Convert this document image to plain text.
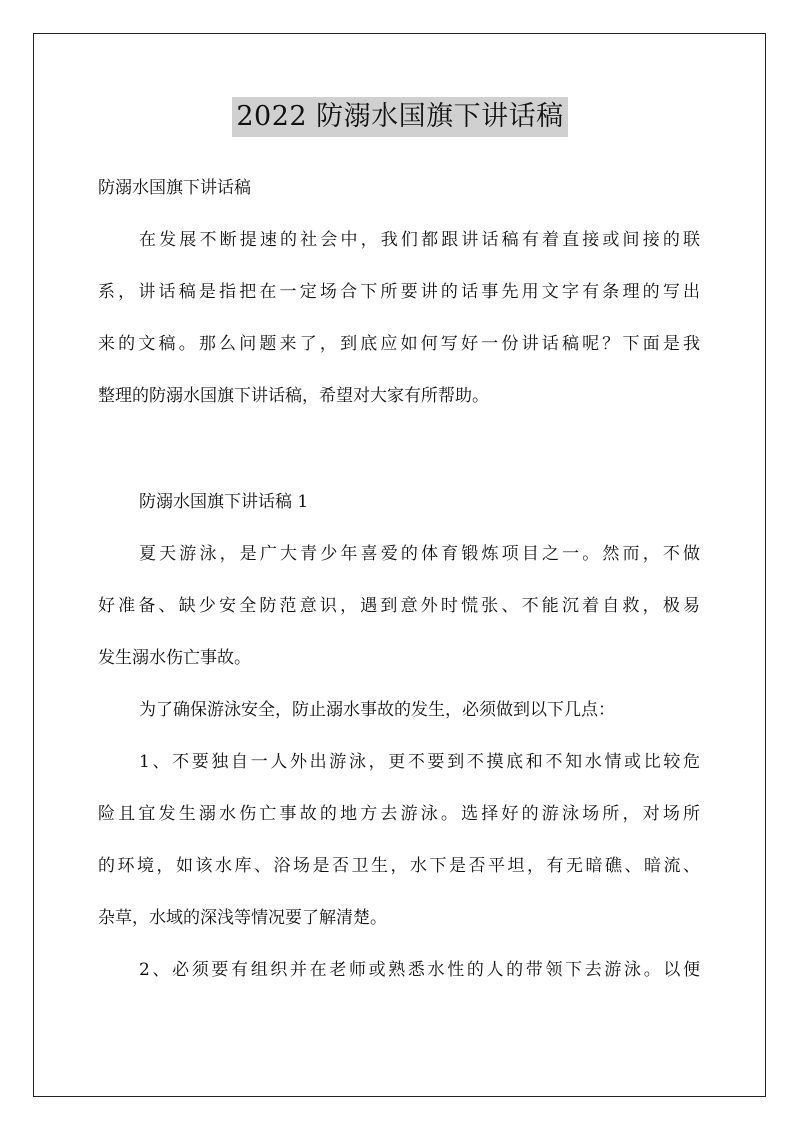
2022 防溺水国旗下讲话稿
防溺水国旗下讲话稿
在发展不断提速的社会中，我们都跟讲话稿有着直接或间接的联
系，讲话稿是指把在一定场合下所要讲的话事先用文字有条理的写出
来的文稿。那么问题来了，到底应如何写好一份讲话稿呢？下面是我
整理的防溺水国旗下讲话稿，希望对大家有所帮助。
防溺水国旗下讲话稿 1
夏天游泳，是广大青少年喜爱的体育锻炼项目之一。然而，不做
好准备、缺少安全防范意识，遇到意外时慌张、不能沉着自救，极易
发生溺水伤亡事故。
为了确保游泳安全，防止溺水事故的发生，必须做到以下几点：
1、不要独自一人外出游泳，更不要到不摸底和不知水情或比较危
险且宜发生溺水伤亡事故的地方去游泳。选择好的游泳场所，对场所
的环境，如该水库、浴场是否卫生，水下是否平坦，有无暗礁、暗流、
杂草，水域的深浅等情况要了解清楚。
2、必须要有组织并在老师或熟悉水性的人的带领下去游泳。以便
